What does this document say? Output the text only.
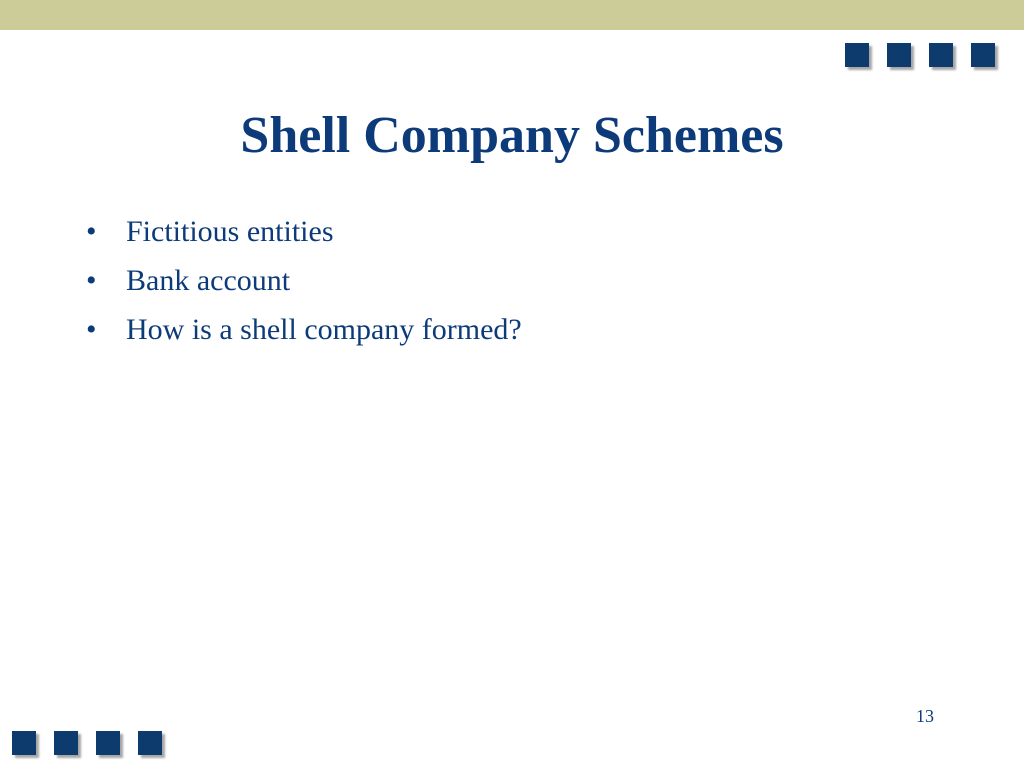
Shell Company Schemes
• Fictitious entities
• Bank account
• How is a shell company formed?
13
